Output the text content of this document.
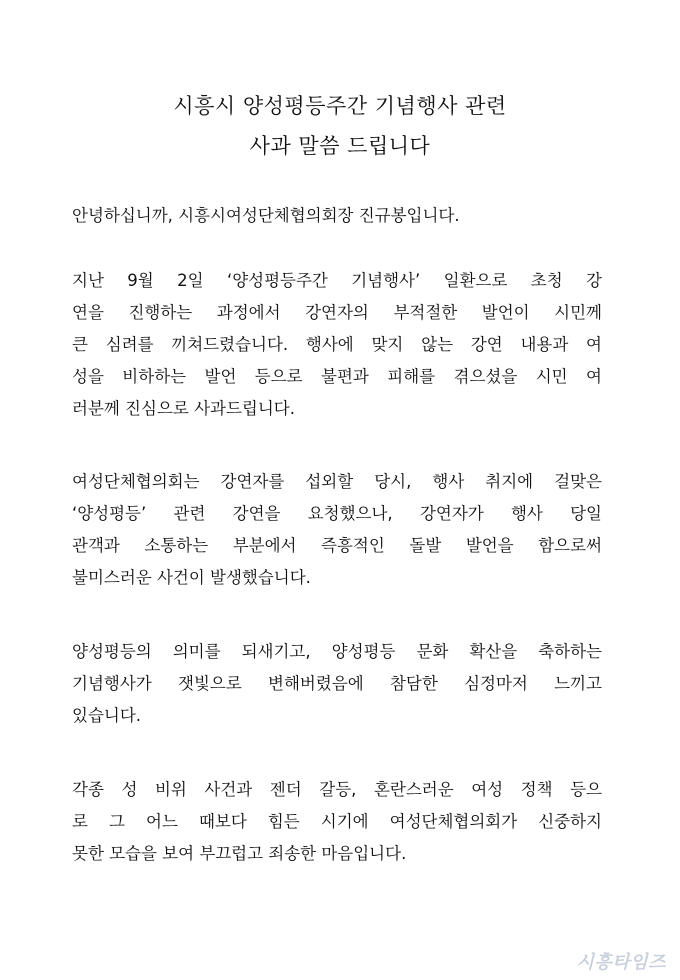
시흥시 양성평등주간 기념행사 관련

사과 말씀 드립니다

안녕하십니까, 시흥시여성단체협의회장 진규봉입니다.

지난 9월 2일 ‘양성평등주간 기념행사’ 일환으로 초청 강
연을 진행하는 과정에서 강연자의 부적절한 발언이 시민께
큰 심려를 끼쳐드렸습니다. 행사에 맞지 않는 강연 내용과 여
성을 비하하는 발언 등으로 불편과 피해를 겪으셨을 시민 여
러분께 진심으로 사과드립니다.
여성단체협의회는 강연자를 섭외할 당시, 행사 취지에 걸맞은
‘양성평등’ 관련 강연을 요청했으나, 강연자가 행사 당일
관객과 소통하는 부분에서 즉흥적인 돌발 발언을 함으로써
불미스러운 사건이 발생했습니다.
양성평등의 의미를 되새기고, 양성평등 문화 확산을 축하하는
기념행사가 잿빛으로 변해버렸음에 참담한 심정마저 느끼고
있습니다.
각종 성 비위 사건과 젠더 갈등, 혼란스러운 여성 정책 등으
로 그 어느 때보다 힘든 시기에 여성단체협의회가 신중하지
못한 모습을 보여 부끄럽고 죄송한 마음입니다.
시흥타임즈
